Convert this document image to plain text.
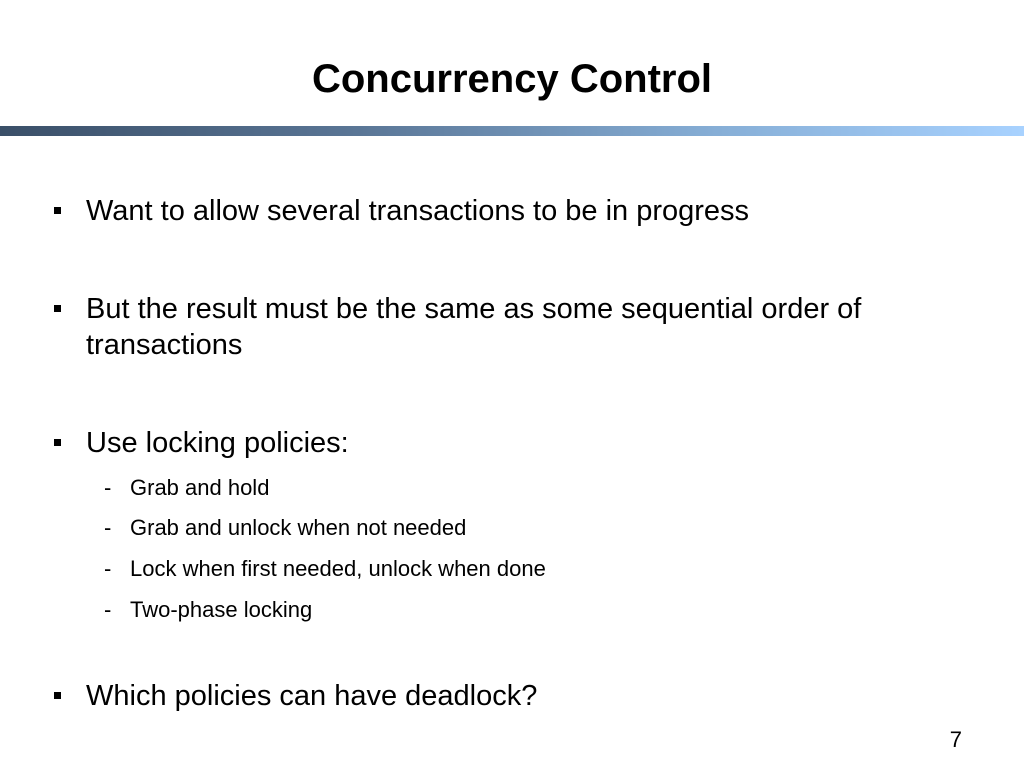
Concurrency Control
Want to allow several transactions to be in progress
But the result must be the same as some sequential order of transactions
Use locking policies:
- Grab and hold
- Grab and unlock when not needed
- Lock when first needed, unlock when done
- Two-phase locking
Which policies can have deadlock?
7
